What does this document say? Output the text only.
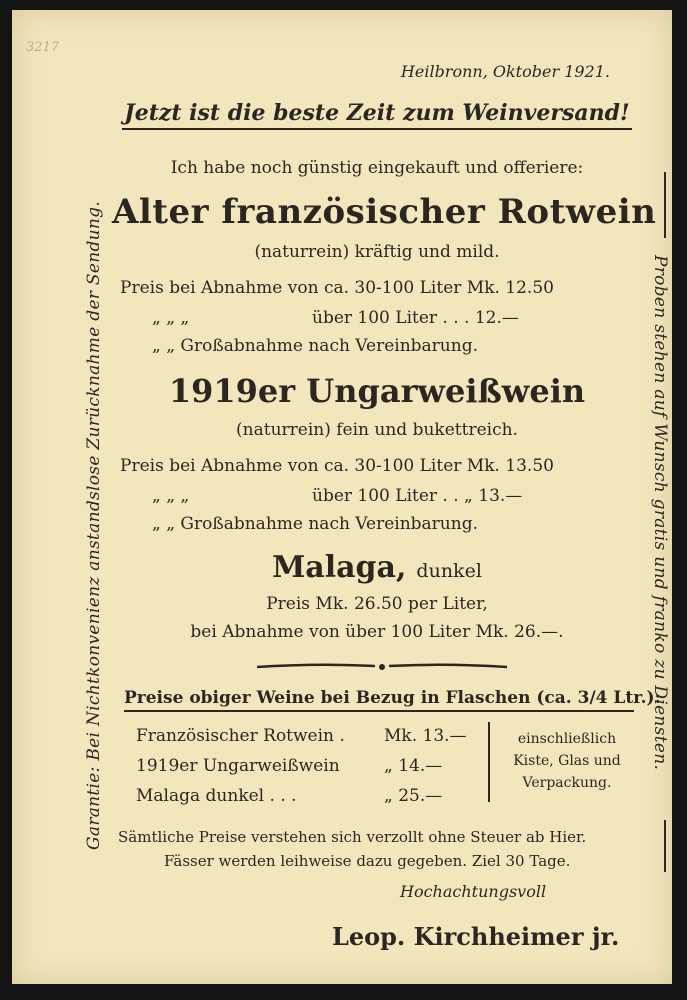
3217
Heilbronn, Oktober 1921.
Jetzt ist die beste Zeit zum Weinversand!
Ich habe noch günstig eingekauft und offeriere:
Alter französischer Rotwein
(naturrein) kräftig und mild.
Preis bei Abnahme von ca. 30-100 Liter Mk. 12.50
„ „ „	über 100 Liter . . . 12.—
„ „ Großabnahme nach Vereinbarung.
1919er Ungarweißwein
(naturrein) fein und bukettreich.
Preis bei Abnahme von ca. 30-100 Liter Mk. 13.50
„ „ „	über 100 Liter . . „ 13.—
„ „ Großabnahme nach Vereinbarung.
Malaga, dunkel
Preis Mk. 26.50 per Liter,
bei Abnahme von über 100 Liter Mk. 26.—.
Preise obiger Weine bei Bezug in Flaschen (ca. 3/4 Ltr.):
Französischer Rotwein . Mk. 13.—
1919er Ungarweißwein	„ 14.—
Malaga dunkel . . .	„ 25.—
einschließlich Kiste, Glas und Verpackung.
Sämtliche Preise verstehen sich verzollt ohne Steuer ab Hier.
Fässer werden leihweise dazu gegeben. Ziel 30 Tage.
Hochachtungsvoll
Leop. Kirchheimer jr.
Garantie: Bei Nichtkonvenienz anstandslose Zurücknahme der Sendung.	Proben stehen auf Wunsch gratis und franko zu Diensten.
